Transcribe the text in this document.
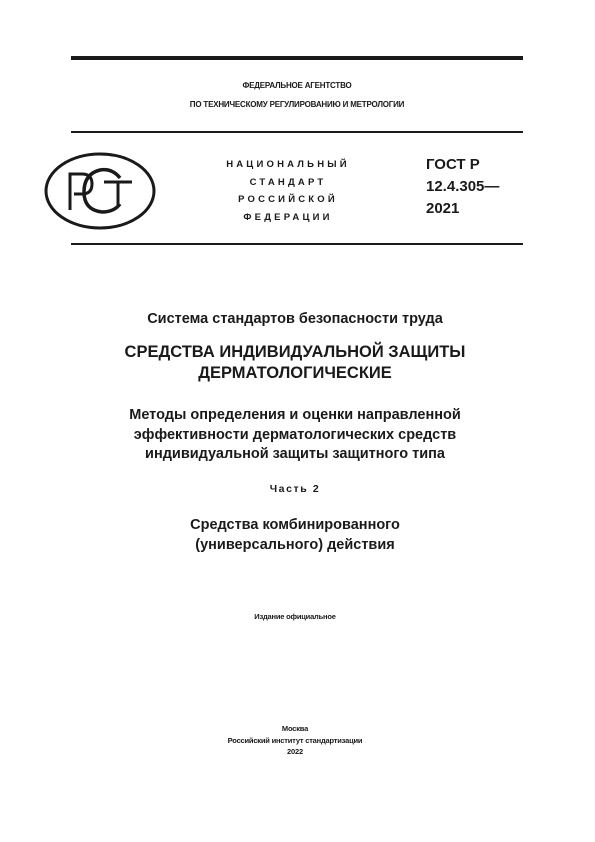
ФЕДЕРАЛЬНОЕ АГЕНТСТВО
ПО ТЕХНИЧЕСКОМУ РЕГУЛИРОВАНИЮ И МЕТРОЛОГИИ
НАЦИОНАЛЬНЫЙ
СТАНДАРТ
РОССИЙСКОЙ
ФЕДЕРАЦИИ
ГОСТ Р
12.4.305—
2021
Система стандартов безопасности труда
СРЕДСТВА ИНДИВИДУАЛЬНОЙ ЗАЩИТЫ
ДЕРМАТОЛОГИЧЕСКИЕ
Методы определения и оценки направленной
эффективности дерматологических средств
индивидуальной защиты защитного типа
Часть 2
Средства комбинированного
(универсального) действия
Издание официальное
Москва
Российский институт стандартизации
2022
